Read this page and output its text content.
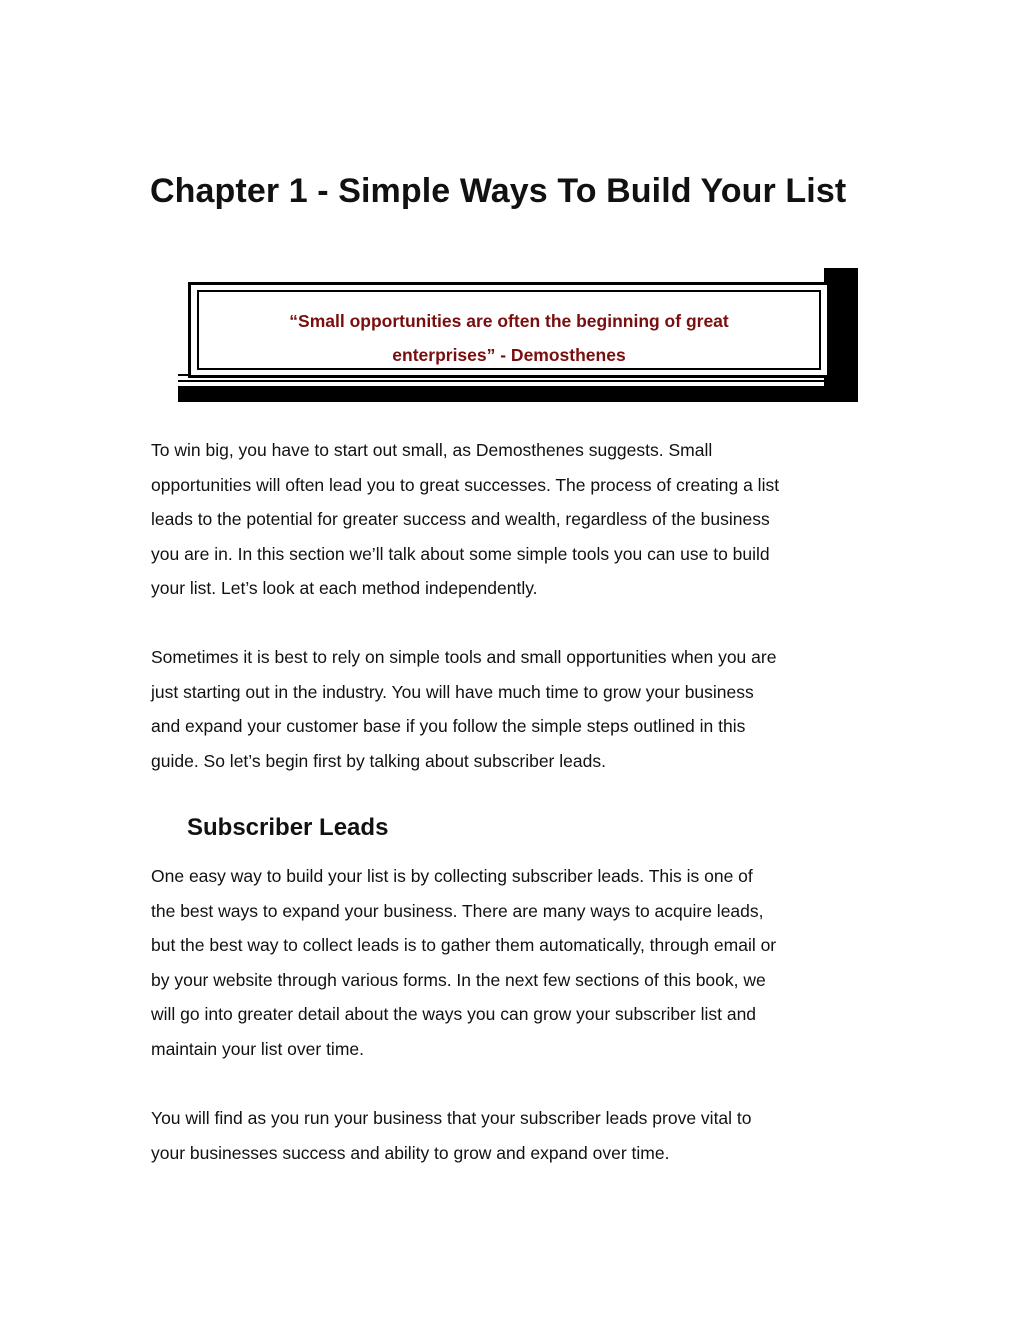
Chapter 1 - Simple Ways To Build Your List

“Small opportunities are often the beginning of great
enterprises” - Demosthenes

To win big, you have to start out small, as Demosthenes suggests. Small
opportunities will often lead you to great successes. The process of creating a list
leads to the potential for greater success and wealth, regardless of the business
you are in. In this section we’ll talk about some simple tools you can use to build
your list. Let’s look at each method independently.

Sometimes it is best to rely on simple tools and small opportunities when you are
just starting out in the industry. You will have much time to grow your business
and expand your customer base if you follow the simple steps outlined in this
guide. So let’s begin first by talking about subscriber leads.

Subscriber Leads

One easy way to build your list is by collecting subscriber leads. This is one of
the best ways to expand your business. There are many ways to acquire leads,
but the best way to collect leads is to gather them automatically, through email or
by your website through various forms. In the next few sections of this book, we
will go into greater detail about the ways you can grow your subscriber list and
maintain your list over time.

You will find as you run your business that your subscriber leads prove vital to
your businesses success and ability to grow and expand over time.
